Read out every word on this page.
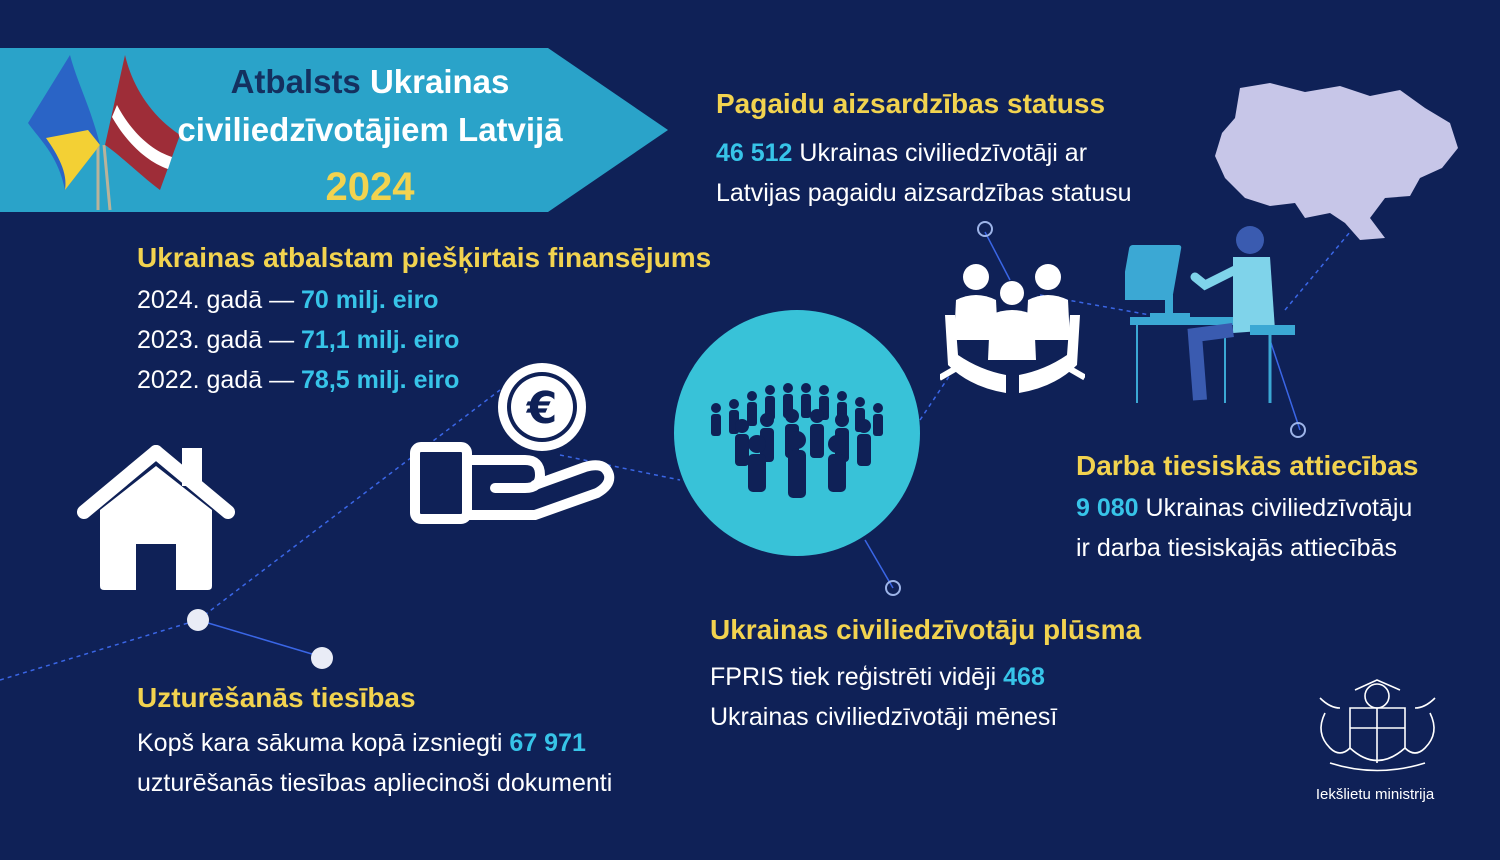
Atbalsts Ukrainas
civiliedzīvotājiem Latvijā
2024
Pagaidu aizsardzības statuss
46 512 Ukrainas civiliedzīvotāji ar
Latvijas pagaidu aizsardzības statusu
€
Ukrainas atbalstam piešķirtais finansējums
2024. gadā — 70 milj. eiro
2023. gadā — 71,1 milj. eiro
2022. gadā — 78,5 milj. eiro
Darba tiesiskās attiecības
9 080 Ukrainas civiliedzīvotāju
ir darba tiesiskajās attiecībās
Ukrainas civiliedzīvotāju plūsma
FPRIS tiek reģistrēti vidēji 468
Ukrainas civiliedzīvotāji mēnesī
Uzturēšanās tiesības
Kopš kara sākuma kopā izsniegti 67 971
uzturēšanās tiesības apliecinoši dokumenti	Iekšlietu ministrija
